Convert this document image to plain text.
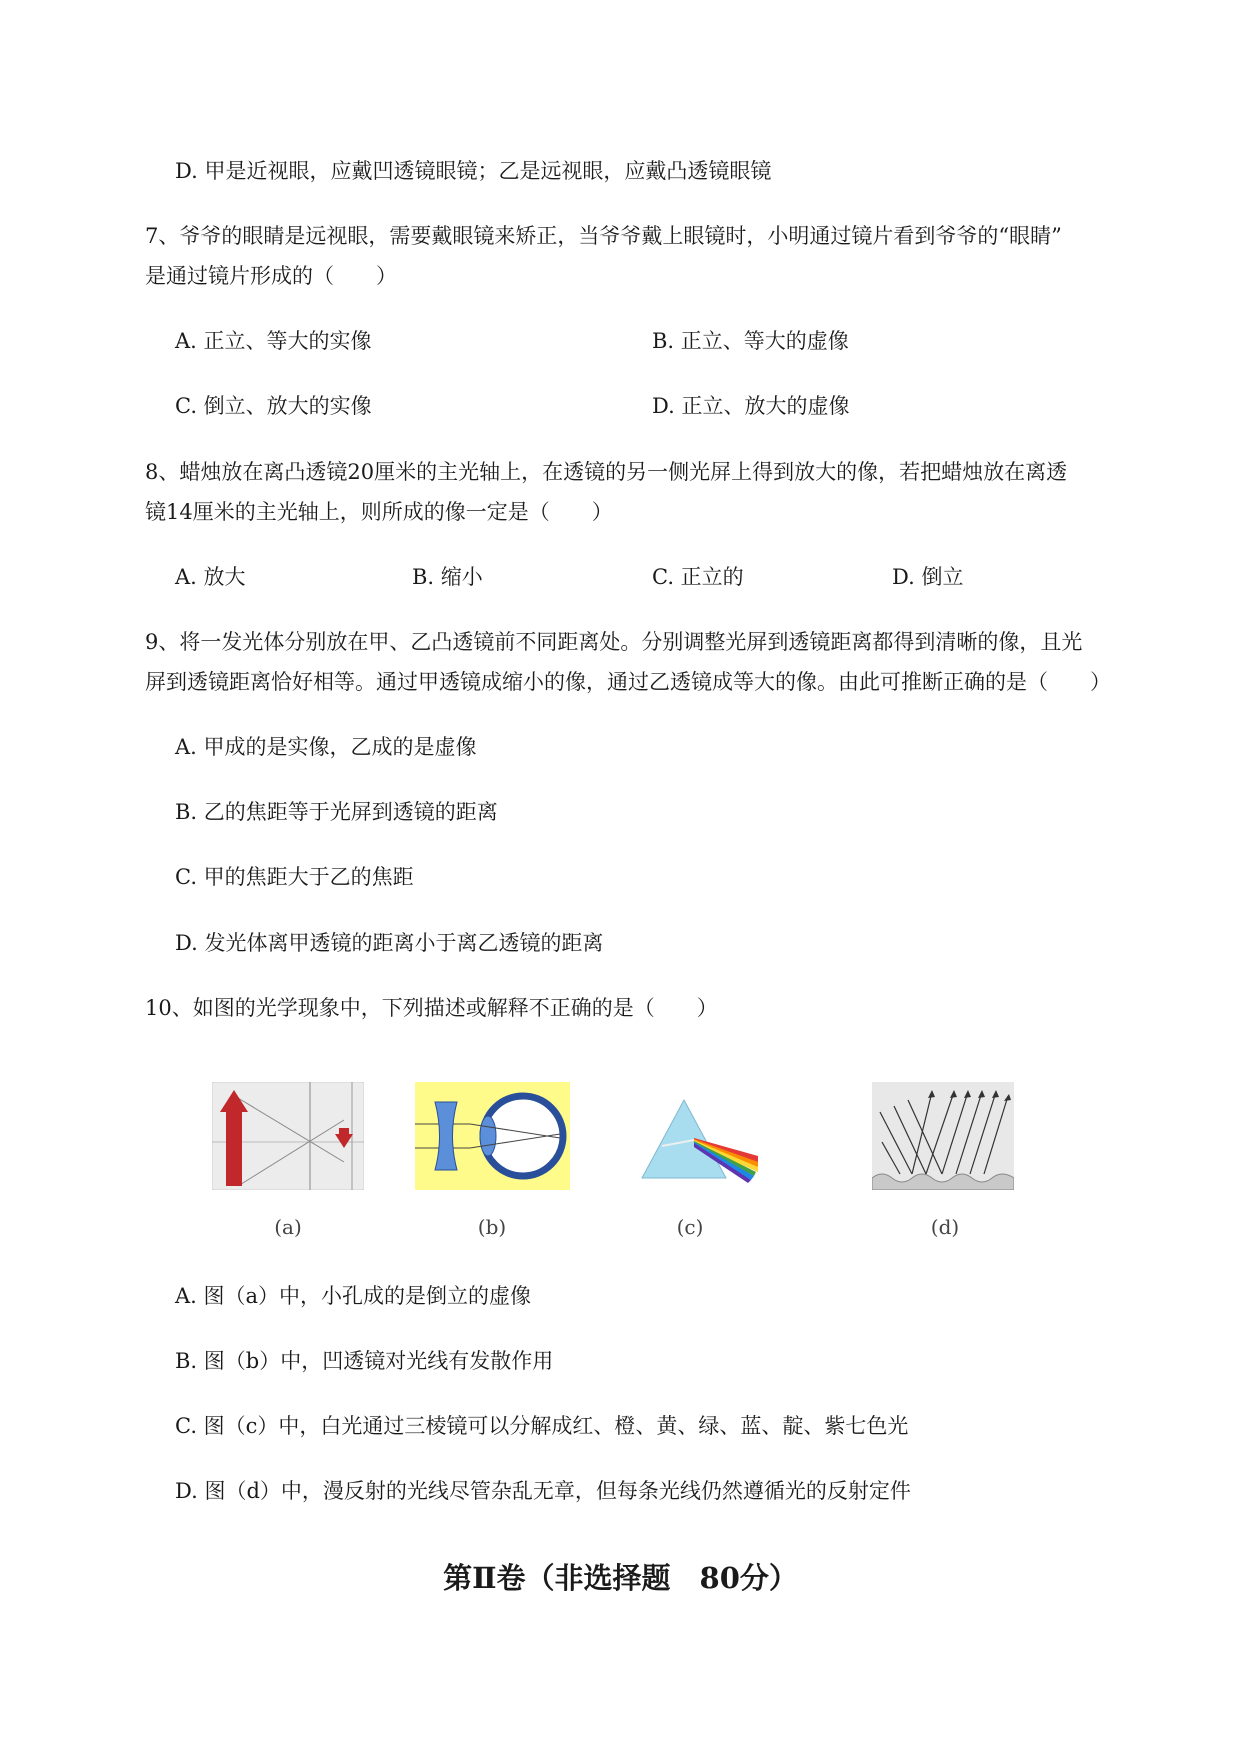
D. 甲是近视眼，应戴凹透镜眼镜；乙是远视眼，应戴凸透镜眼镜
7、爷爷的眼睛是远视眼，需要戴眼镜来矫正，当爷爷戴上眼镜时，小明通过镜片看到爷爷的“眼睛”
是通过镜片形成的（　　）
A. 正立、等大的实像	B. 正立、等大的虚像
C. 倒立、放大的实像	D. 正立、放大的虚像
8、蜡烛放在离凸透镜20厘米的主光轴上，在透镜的另一侧光屏上得到放大的像，若把蜡烛放在离透
镜14厘米的主光轴上，则所成的像一定是（　　）
A. 放大	B. 缩小	C. 正立的	D. 倒立
9、将一发光体分别放在甲、乙凸透镜前不同距离处。分别调整光屏到透镜距离都得到清晰的像，且光
屏到透镜距离恰好相等。通过甲透镜成缩小的像，通过乙透镜成等大的像。由此可推断正确的是（　　）
A. 甲成的是实像，乙成的是虚像
B. 乙的焦距等于光屏到透镜的距离
C. 甲的焦距大于乙的焦距
D. 发光体离甲透镜的距离小于离乙透镜的距离
10、如图的光学现象中，下列描述或解释不正确的是（　　）
(a)	(b)	(c)	(d)
A. 图（a）中，小孔成的是倒立的虚像
B. 图（b）中，凹透镜对光线有发散作用
C. 图（c）中，白光通过三棱镜可以分解成红、橙、黄、绿、蓝、靛、紫七色光
D. 图（d）中，漫反射的光线尽管杂乱无章，但每条光线仍然遵循光的反射定件
第Ⅱ卷（非选择题　80分）
